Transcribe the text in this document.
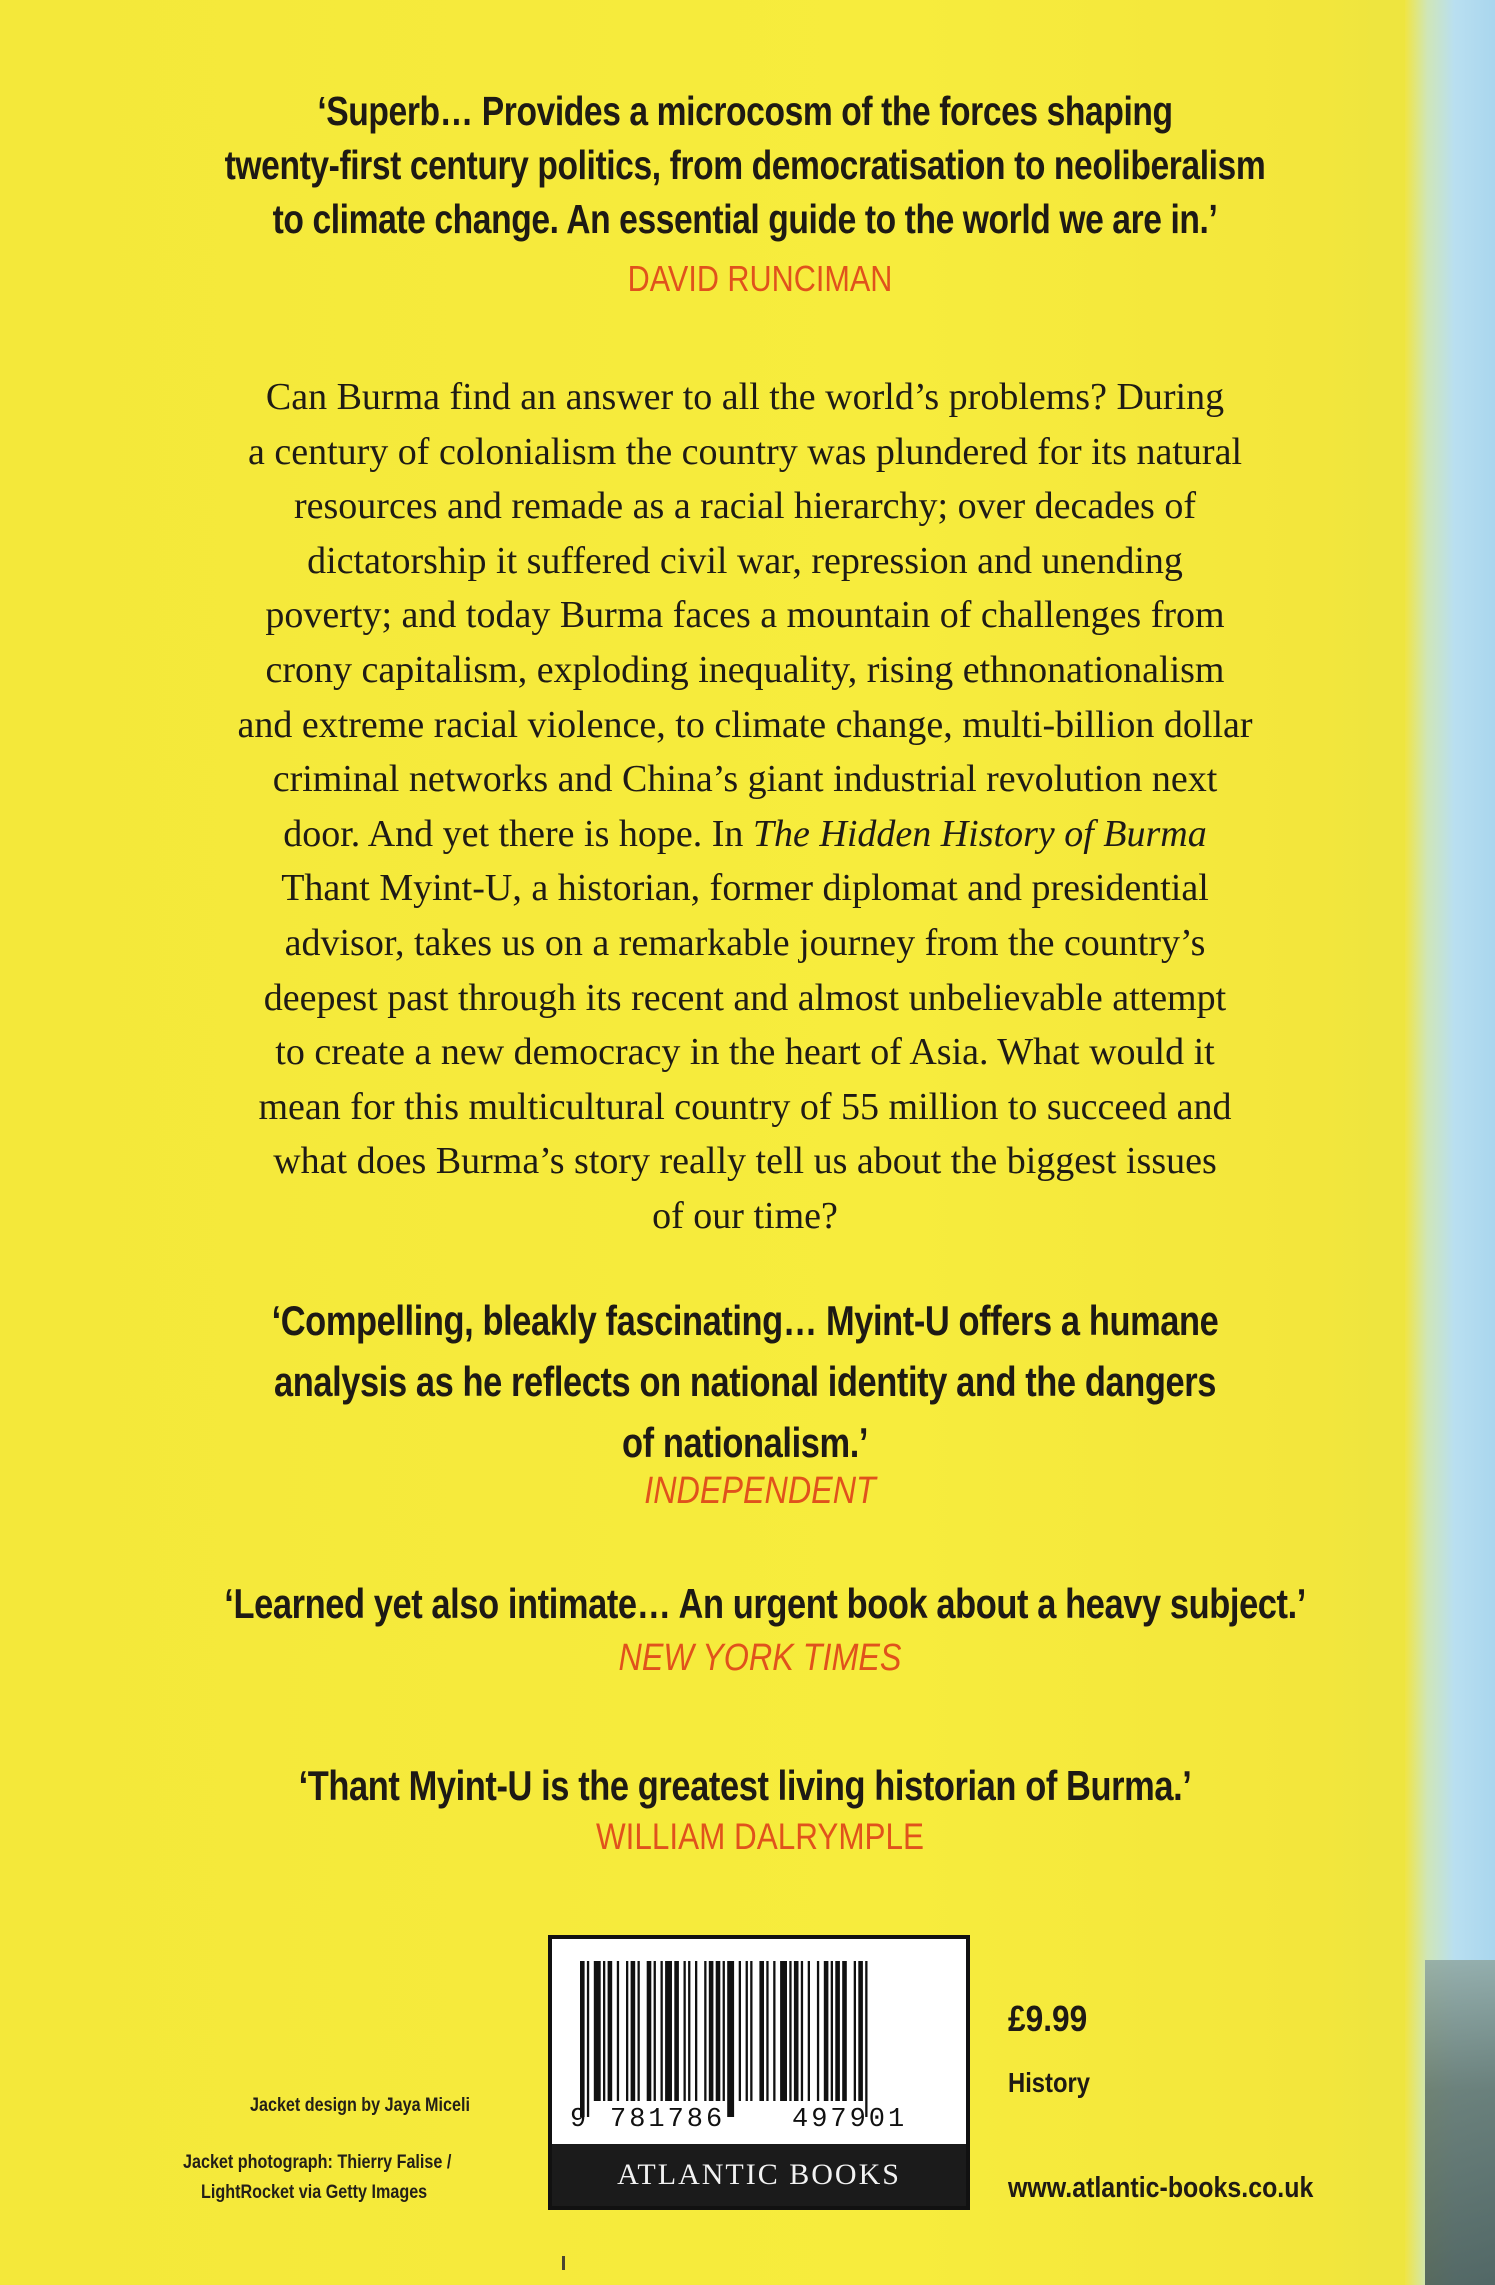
‘Superb… Provides a microcosm of the forces shaping
twenty-first century politics, from democratisation to neoliberalism
to climate change. An essential guide to the world we are in.’
DAVID RUNCIMAN
Can Burma find an answer to all the world’s problems? During
a century of colonialism the country was plundered for its natural
resources and remade as a racial hierarchy; over decades of
dictatorship it suffered civil war, repression and unending
poverty; and today Burma faces a mountain of challenges from
crony capitalism, exploding inequality, rising ethnonationalism
and extreme racial violence, to climate change, multi-billion dollar
criminal networks and China’s giant industrial revolution next
door. And yet there is hope. In The Hidden History of Burma
Thant Myint-U, a historian, former diplomat and presidential
advisor, takes us on a remarkable journey from the country’s
deepest past through its recent and almost unbelievable attempt
to create a new democracy in the heart of Asia. What would it
mean for this multicultural country of 55 million to succeed and
what does Burma’s story really tell us about the biggest issues
of our time?
‘Compelling, bleakly fascinating… Myint-U offers a humane
analysis as he reflects on national identity and the dangers
of nationalism.’
INDEPENDENT
‘Learned yet also intimate… An urgent book about a heavy subject.’
NEW YORK TIMES
‘Thant Myint-U is the greatest living historian of Burma.’
WILLIAM DALRYMPLE
Jacket design by Jaya Miceli
Jacket photograph: Thierry Falise /
LightRocket via Getty Images
9 781786 497901
ATLANTIC BOOKS
£9.99
History
www.atlantic-books.co.uk
